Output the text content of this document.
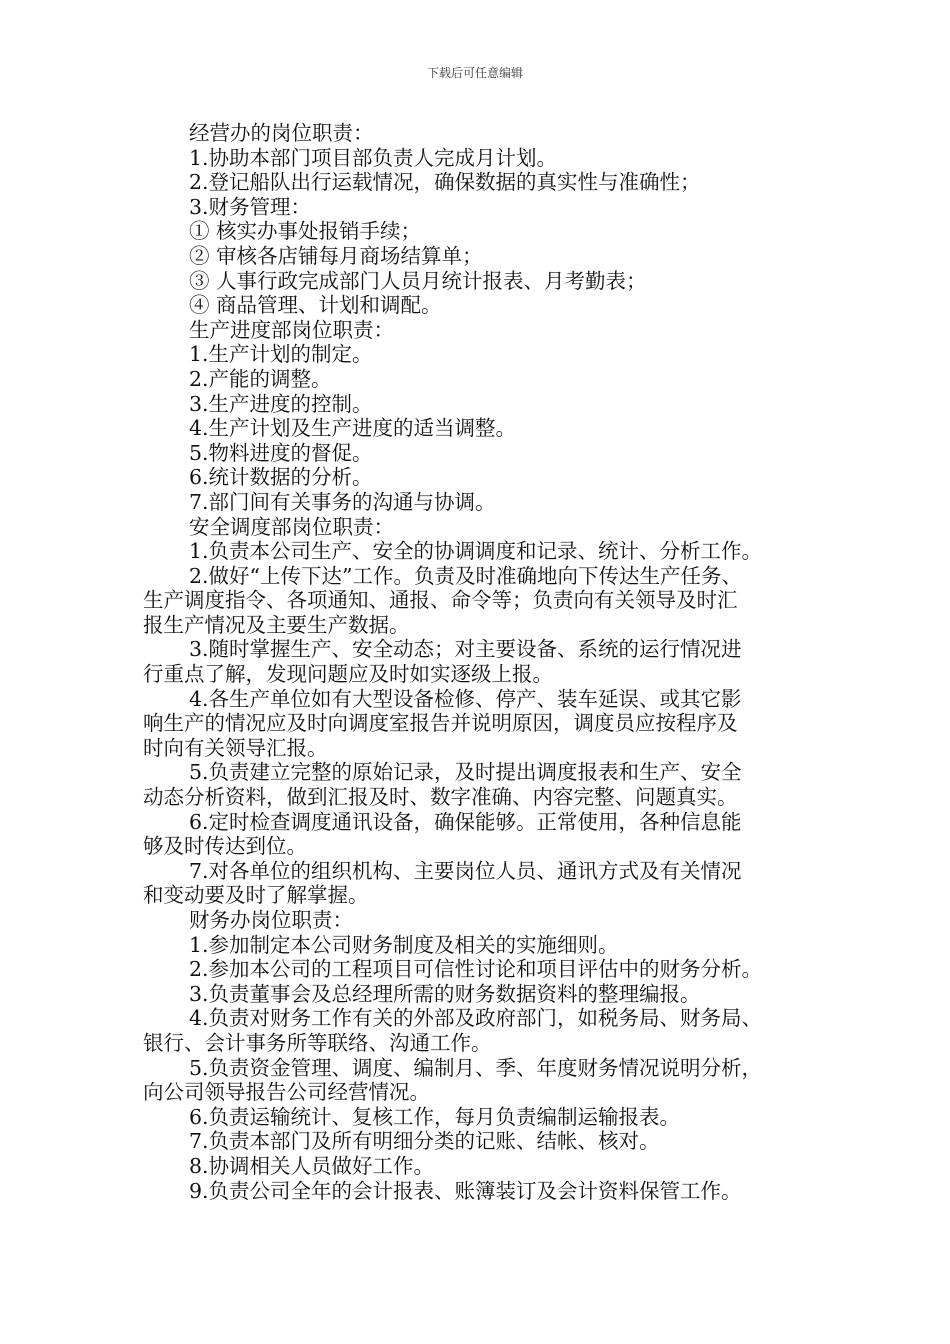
下载后可任意编辑
经营办的岗位职责：
1.协助本部门项目部负责人完成月计划。
2.登记船队出行运载情况，确保数据的真实性与准确性；
3.财务管理：
① 核实办事处报销手续；
② 审核各店铺每月商场结算单；
③ 人事行政完成部门人员月统计报表、月考勤表；
④ 商品管理、计划和调配。
生产进度部岗位职责：
1.生产计划的制定。
2.产能的调整。
3.生产进度的控制。
4.生产计划及生产进度的适当调整。
5.物料进度的督促。
6.统计数据的分析。
7.部门间有关事务的沟通与协调。
安全调度部岗位职责：
1.负责本公司生产、安全的协调调度和记录、统计、分析工作。
2.做好“上传下达”工作。负责及时准确地向下传达生产任务、
生产调度指令、各项通知、通报、命令等；负责向有关领导及时汇
报生产情况及主要生产数据。
3.随时掌握生产、安全动态；对主要设备、系统的运行情况进
行重点了解，发现问题应及时如实逐级上报。
4.各生产单位如有大型设备检修、停产、装车延误、或其它影
响生产的情况应及时向调度室报告并说明原因，调度员应按程序及
时向有关领导汇报。
5.负责建立完整的原始记录，及时提出调度报表和生产、安全
动态分析资料，做到汇报及时、数字准确、内容完整、问题真实。
6.定时检查调度通讯设备，确保能够。正常使用，各种信息能
够及时传达到位。
7.对各单位的组织机构、主要岗位人员、通讯方式及有关情况
和变动要及时了解掌握。
财务办岗位职责：
1.参加制定本公司财务制度及相关的实施细则。
2.参加本公司的工程项目可信性讨论和项目评估中的财务分析。
3.负责董事会及总经理所需的财务数据资料的整理编报。
4.负责对财务工作有关的外部及政府部门，如税务局、财务局、
银行、会计事务所等联络、沟通工作。
5.负责资金管理、调度、编制月、季、年度财务情况说明分析，
向公司领导报告公司经营情况。
6.负责运输统计、复核工作，每月负责编制运输报表。
7.负责本部门及所有明细分类的记账、结帐、核对。
8.协调相关人员做好工作。
9.负责公司全年的会计报表、账簿装订及会计资料保管工作。
